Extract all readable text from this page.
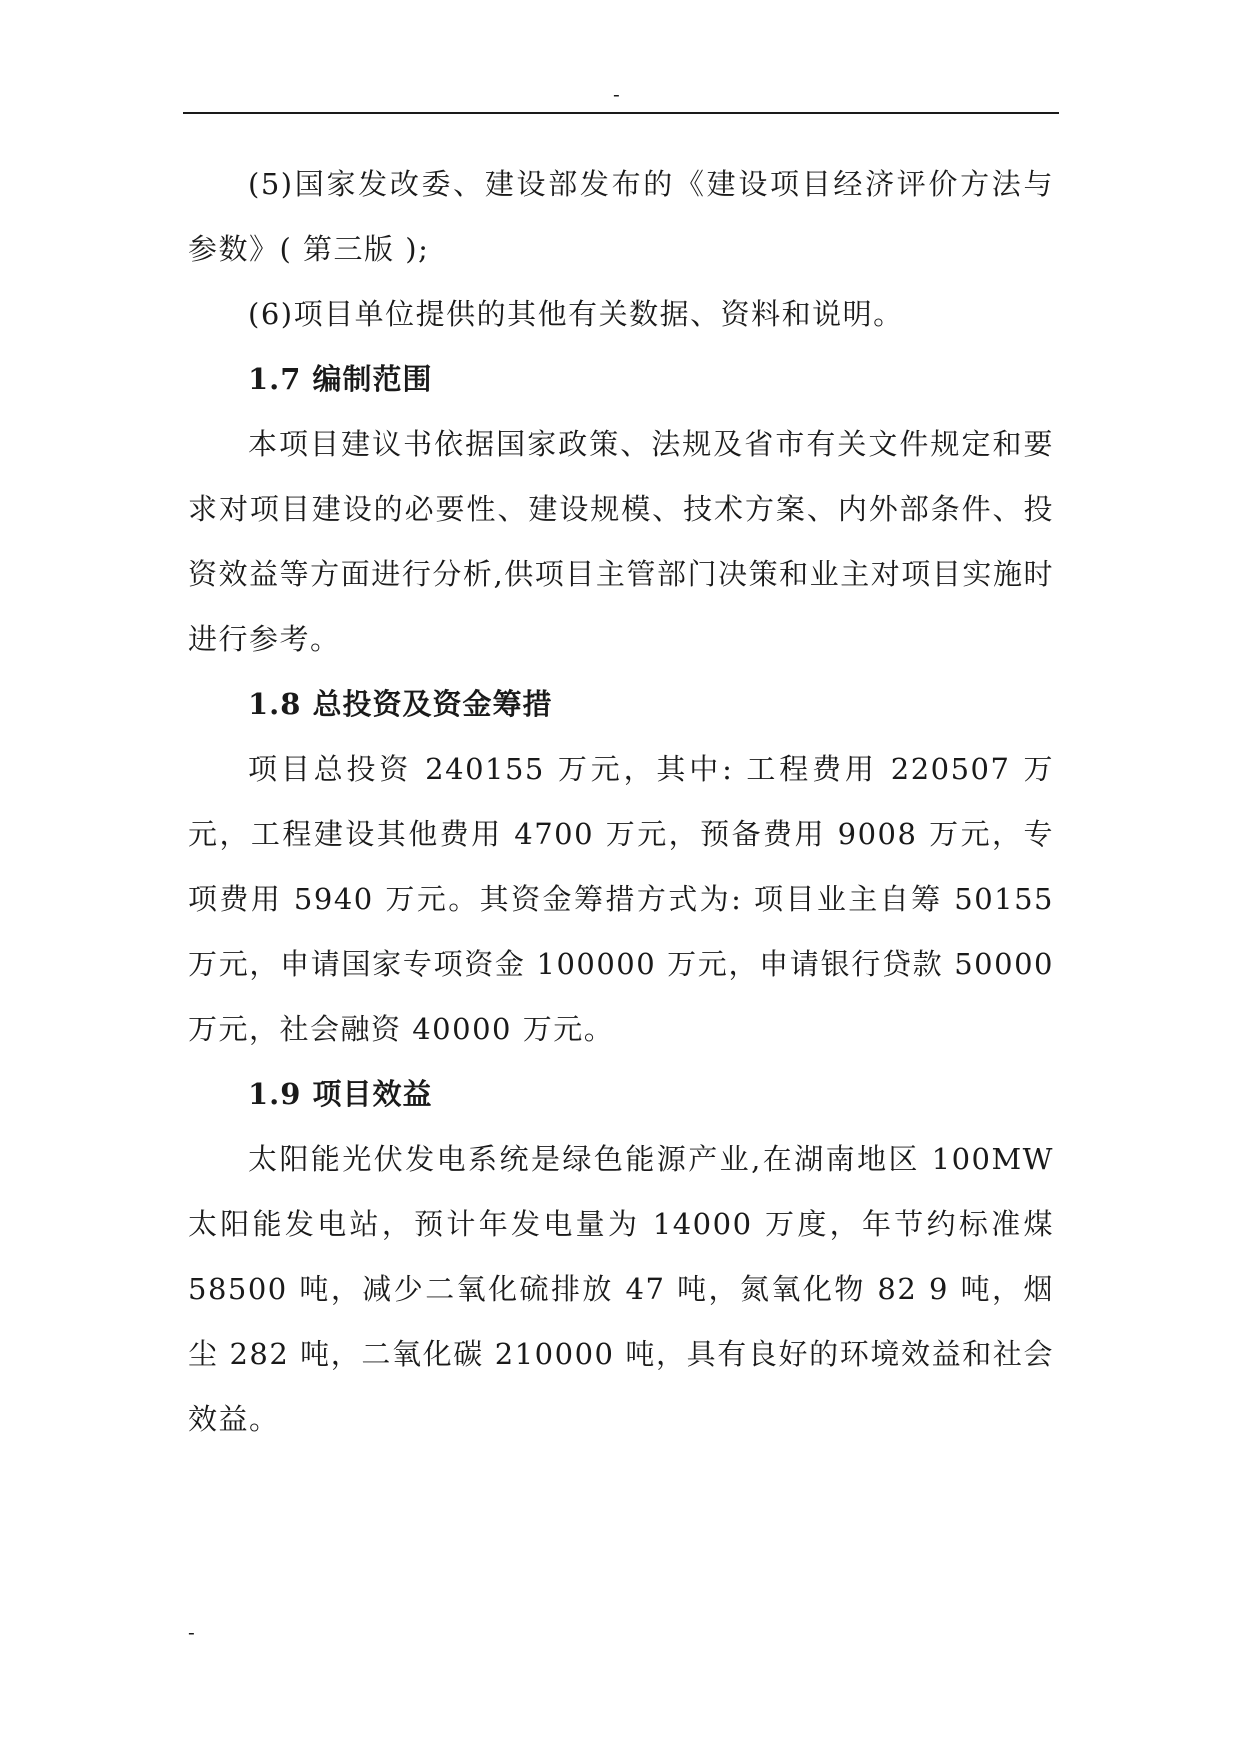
-

(5)国家发改委、建设部发布的《建设项目经济评价方法与参数》( 第三版 );

(6)项目单位提供的其他有关数据、资料和说明。

1.7 编制范围

本项目建议书依据国家政策、法规及省市有关文件规定和要求对项目建设的必要性、建设规模、技术方案、内外部条件、投资效益等方面进行分析,供项目主管部门决策和业主对项目实施时进行参考。

1.8 总投资及资金筹措

项目总投资 240155 万元，其中: 工程费用 220507 万元，工程建设其他费用 4700 万元，预备费用 9008 万元，专项费用 5940 万元。其资金筹措方式为: 项目业主自筹 50155 万元，申请国家专项资金 100000 万元，申请银行贷款 50000 万元，社会融资 40000 万元。

1.9 项目效益

太阳能光伏发电系统是绿色能源产业,在湖南地区 100MW 太阳能发电站，预计年发电量为 14000 万度，年节约标准煤 58500 吨，减少二氧化硫排放 47 吨，氮氧化物 82 9 吨，烟尘 282 吨，二氧化碳 210000 吨，具有良好的环境效益和社会效益。

-
